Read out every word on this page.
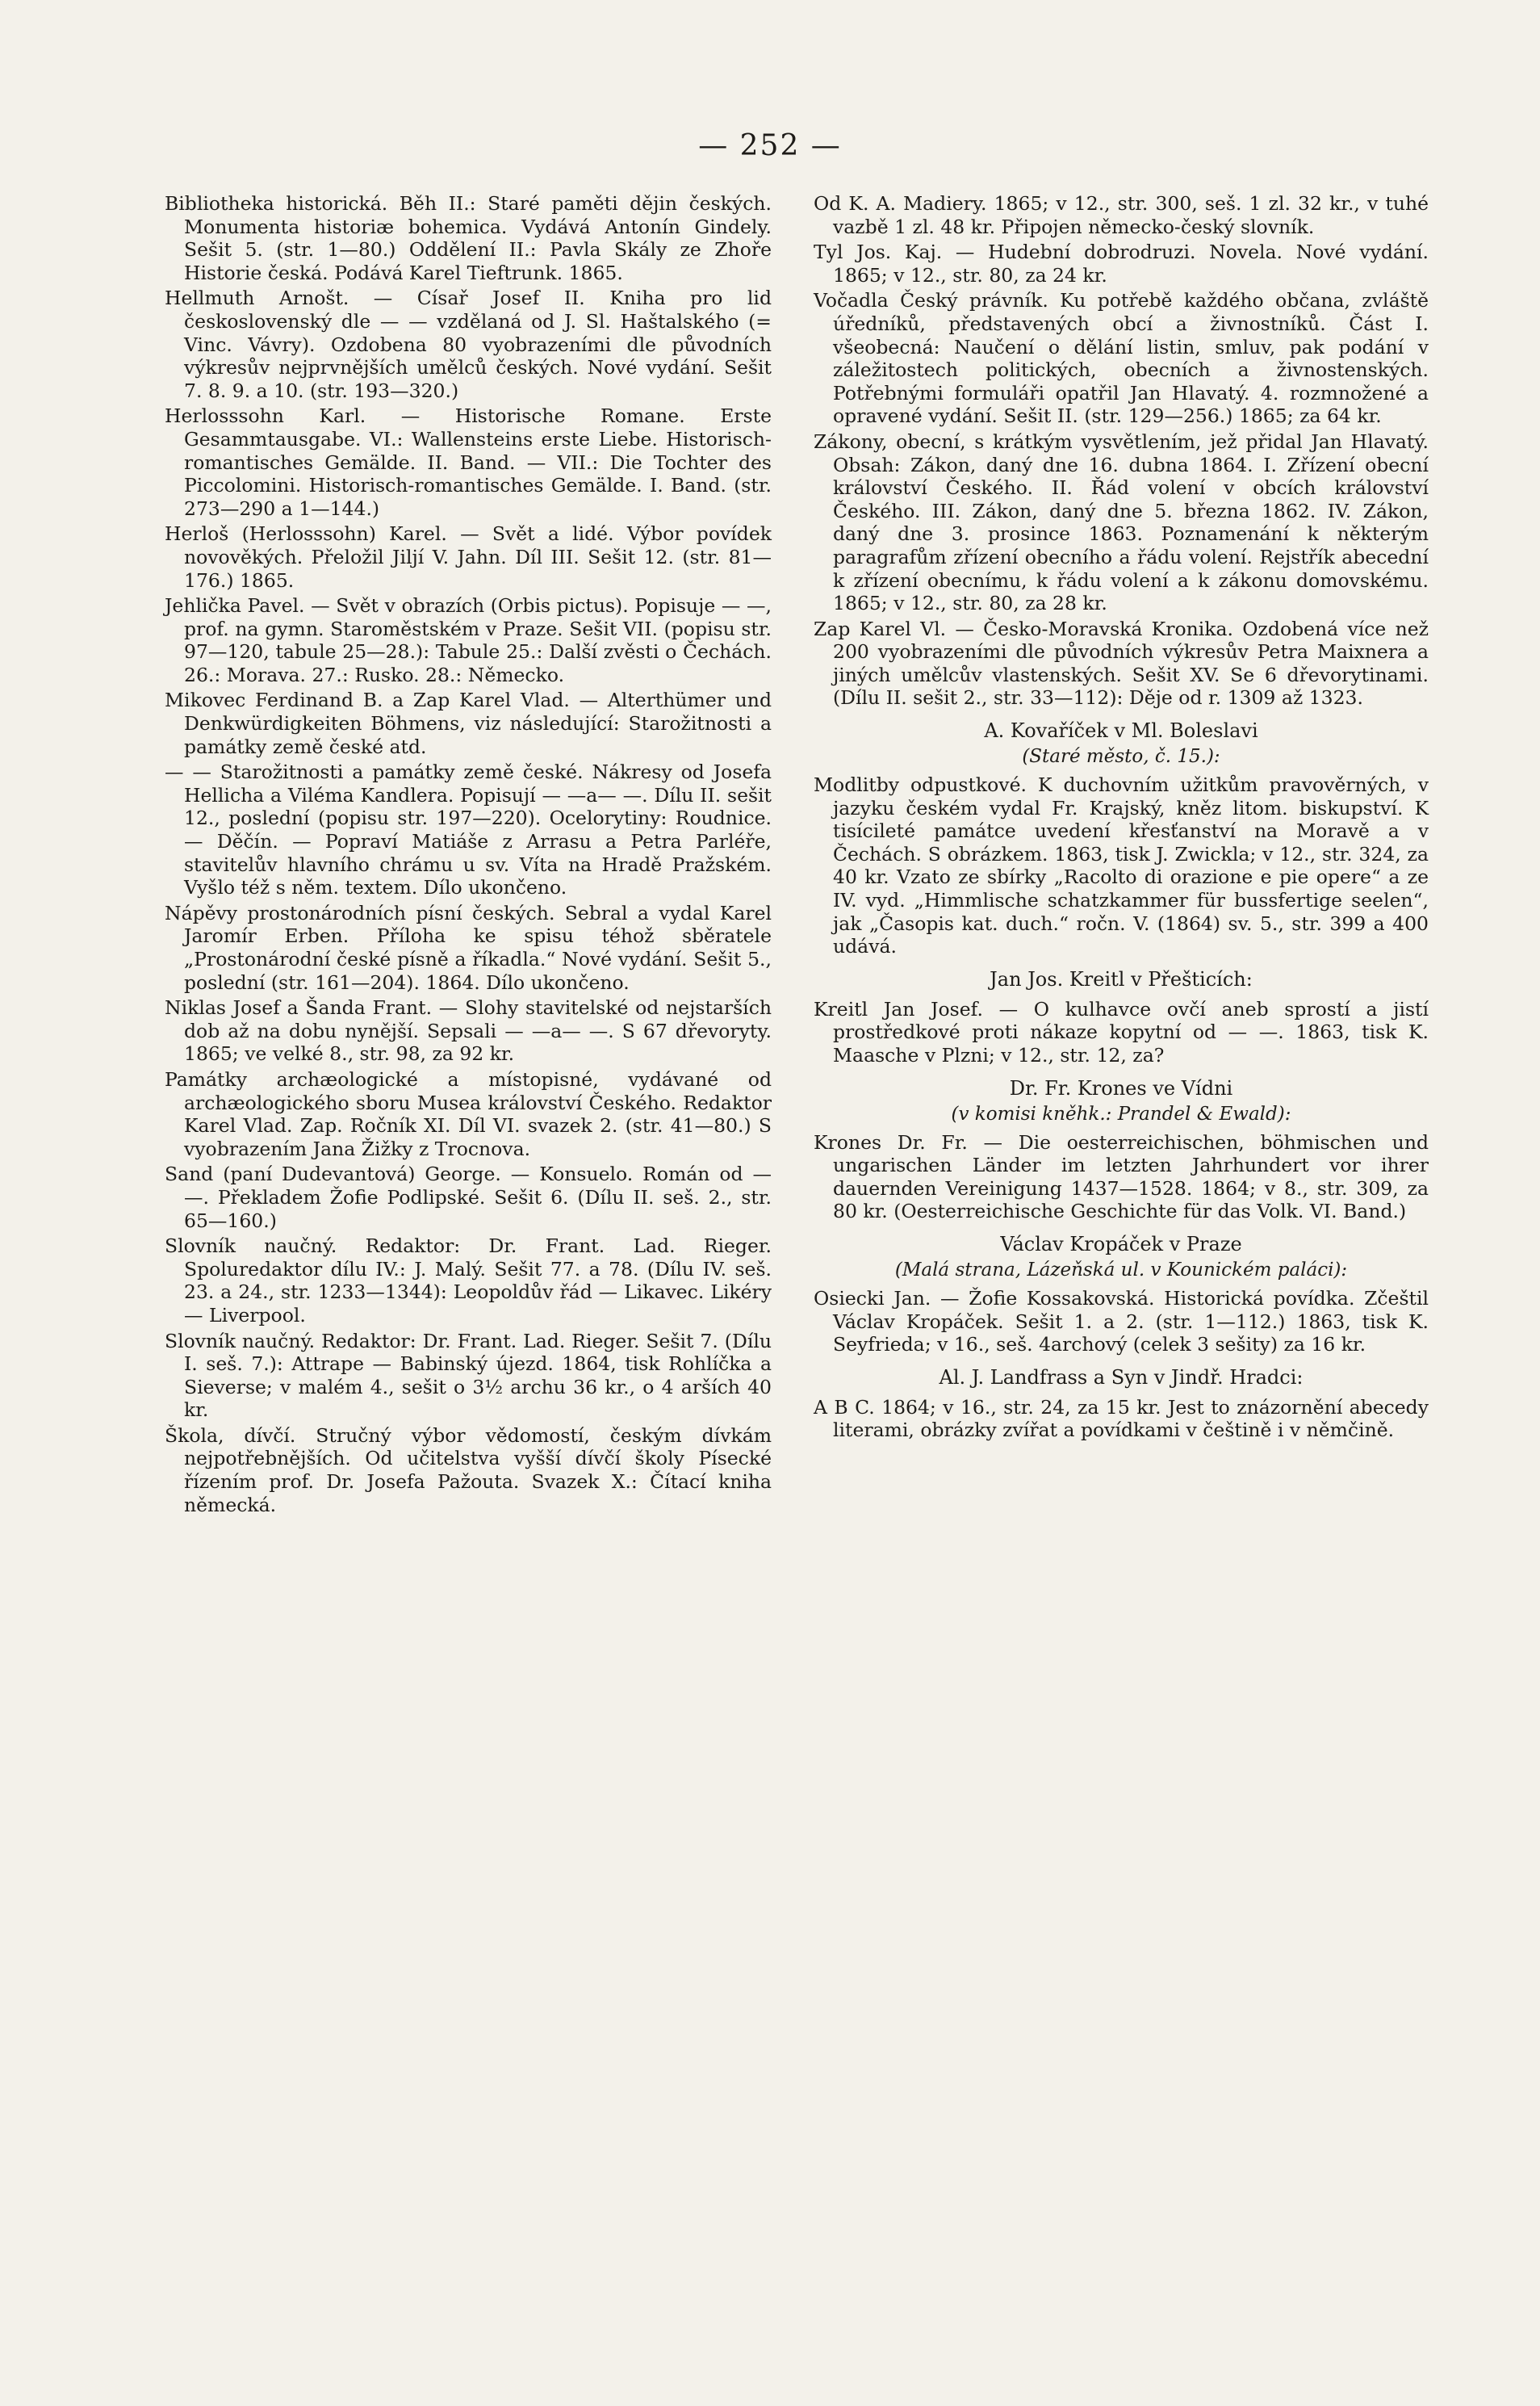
— 252 —

Bibliotheka historická. Běh II.: Staré paměti dějin českých. Monumenta historiæ bohemica. Vydává Antonín Gindely. Sešit 5. (str. 1—80.) Oddělení II.: Pavla Skály ze Zhoře Historie česká. Podává Karel Tieftrunk. 1865.

Hellmuth Arnošt. — Císař Josef II. Kniha pro lid československý dle — — vzdělaná od J. Sl. Haštalského (= Vinc. Vávry). Ozdobena 80 vyobrazeními dle původních výkresův nejprvnějších umělců českých. Nové vydání. Sešit 7. 8. 9. a 10. (str. 193—320.)

Herlosssohn Karl. — Historische Romane. Erste Gesammtausgabe. VI.: Wallensteins erste Liebe. Historisch-romantisches Gemälde. II. Band. — VII.: Die Tochter des Piccolomini. Historisch-romantisches Gemälde. I. Band. (str. 273—290 a 1—144.)

Herloš (Herlosssohn) Karel. — Svět a lidé. Výbor povídek novověkých. Přeložil Jiljí V. Jahn. Díl III. Sešit 12. (str. 81—176.) 1865.

Jehlička Pavel. — Svět v obrazích (Orbis pictus). Popisuje — —, prof. na gymn. Staroměstském v Praze. Sešit VII. (popisu str. 97—120, tabule 25—28.): Tabule 25.: Další zvěsti o Čechách. 26.: Morava. 27.: Rusko. 28.: Německo.

Mikovec Ferdinand B. a Zap Karel Vlad. — Alterthümer und Denkwürdigkeiten Böhmens, viz následující: Starožitnosti a památky země české atd.

— — Starožitnosti a památky země české. Nákresy od Josefa Hellicha a Viléma Kandlera. Popisují — —a— —. Dílu II. sešit 12., poslední (popisu str. 197—220). Ocelorytiny: Roudnice. — Děčín. — Popraví Matiáše z Arrasu a Petra Parléře, stavitelův hlavního chrámu u sv. Víta na Hradě Pražském. Vyšlo též s něm. textem. Dílo ukončeno.

Nápěvy prostonárodních písní českých. Sebral a vydal Karel Jaromír Erben. Příloha ke spisu téhož sběratele „Prostonárodní české písně a říkadla.“ Nové vydání. Sešit 5., poslední (str. 161—204). 1864. Dílo ukončeno.

Niklas Josef a Šanda Frant. — Slohy stavitelské od nejstarších dob až na dobu nynější. Sepsali — —a— —. S 67 dřevoryty. 1865; ve velké 8., str. 98, za 92 kr.

Památky archæologické a místopisné, vydávané od archæologického sboru Musea království Českého. Redaktor Karel Vlad. Zap. Ročník XI. Díl VI. svazek 2. (str. 41—80.) S vyobrazením Jana Žižky z Trocnova.

Sand (paní Dudevantová) George. — Konsuelo. Román od — —. Překladem Žofie Podlipské. Sešit 6. (Dílu II. seš. 2., str. 65—160.)

Slovník naučný. Redaktor: Dr. Frant. Lad. Rieger. Spoluredaktor dílu IV.: J. Malý. Sešit 77. a 78. (Dílu IV. seš. 23. a 24., str. 1233—1344): Leopoldův řád — Likavec. Likéry — Liverpool.

Slovník naučný. Redaktor: Dr. Frant. Lad. Rieger. Sešit 7. (Dílu I. seš. 7.): Attrape — Babinský újezd. 1864, tisk Rohlíčka a Sieverse; v malém 4., sešit o 3½ archu 36 kr., o 4 arších 40 kr.

Škola, dívčí. Stručný výbor vědomostí, českým dívkám nejpotřebnějších. Od učitelstva vyšší dívčí školy Písecké řízením prof. Dr. Josefa Pažouta. Svazek X.: Čítací kniha německá.

Od K. A. Madiery. 1865; v 12., str. 300, seš. 1 zl. 32 kr., v tuhé vazbě 1 zl. 48 kr. Připojen německo-český slovník.

Tyl Jos. Kaj. — Hudební dobrodruzi. Novela. Nové vydání. 1865; v 12., str. 80, za 24 kr.

Vočadla Český právník. Ku potřebě každého občana, zvláště úředníků, představených obcí a živnostníků. Část I. všeobecná: Naučení o dělání listin, smluv, pak podání v záležitostech politických, obecních a živnostenských. Potřebnými formuláři opatřil Jan Hlavatý. 4. rozmnožené a opravené vydání. Sešit II. (str. 129—256.) 1865; za 64 kr.

Zákony, obecní, s krátkým vysvětlením, jež přidal Jan Hlavatý. Obsah: Zákon, daný dne 16. dubna 1864. I. Zřízení obecní království Českého. II. Řád volení v obcích království Českého. III. Zákon, daný dne 5. března 1862. IV. Zákon, daný dne 3. prosince 1863. Poznamenání k některým paragrafům zřízení obecního a řádu volení. Rejstřík abecední k zřízení obecnímu, k řádu volení a k zákonu domovskému. 1865; v 12., str. 80, za 28 kr.

Zap Karel Vl. — Česko-Moravská Kronika. Ozdobená více než 200 vyobrazeními dle původních výkresův Petra Maixnera a jiných umělcův vlastenských. Sešit XV. Se 6 dřevorytinami. (Dílu II. sešit 2., str. 33—112): Děje od r. 1309 až 1323.

A. Kovaříček v Ml. Boleslavi
(Staré město, č. 15.):

Modlitby odpustkové. K duchovním užitkům pravověrných, v jazyku českém vydal Fr. Krajský, kněz litom. biskupství. K tisícileté památce uvedení křesťanství na Moravě a v Čechách. S obrázkem. 1863, tisk J. Zwickla; v 12., str. 324, za 40 kr. Vzato ze sbírky „Racolto di orazione e pie opere“ a ze IV. vyd. „Himmlische schatzkammer für bussfertige seelen“, jak „Časopis kat. duch.“ ročn. V. (1864) sv. 5., str. 399 a 400 udává.

Jan Jos. Kreitl v Přešticích:

Kreitl Jan Josef. — O kulhavce ovčí aneb sprostí a jistí prostředkové proti nákaze kopytní od — —. 1863, tisk K. Maasche v Plzni; v 12., str. 12, za?

Dr. Fr. Krones ve Vídni
(v komisi kněhk.: Prandel & Ewald):

Krones Dr. Fr. — Die oesterreichischen, böhmischen und ungarischen Länder im letzten Jahrhundert vor ihrer dauernden Vereinigung 1437—1528. 1864; v 8., str. 309, za 80 kr. (Oesterreichische Geschichte für das Volk. VI. Band.)

Václav Kropáček v Praze
(Malá strana, Lázeňská ul. v Kounickém paláci):

Osiecki Jan. — Žofie Kossakovská. Historická povídka. Zčeštil Václav Kropáček. Sešit 1. a 2. (str. 1—112.) 1863, tisk K. Seyfrieda; v 16., seš. 4archový (celek 3 sešity) za 16 kr.

Al. J. Landfrass a Syn v Jindř. Hradci:

A B C. 1864; v 16., str. 24, za 15 kr. Jest to znázornění abecedy literami, obrázky zvířat a povídkami v češtině i v němčině.
